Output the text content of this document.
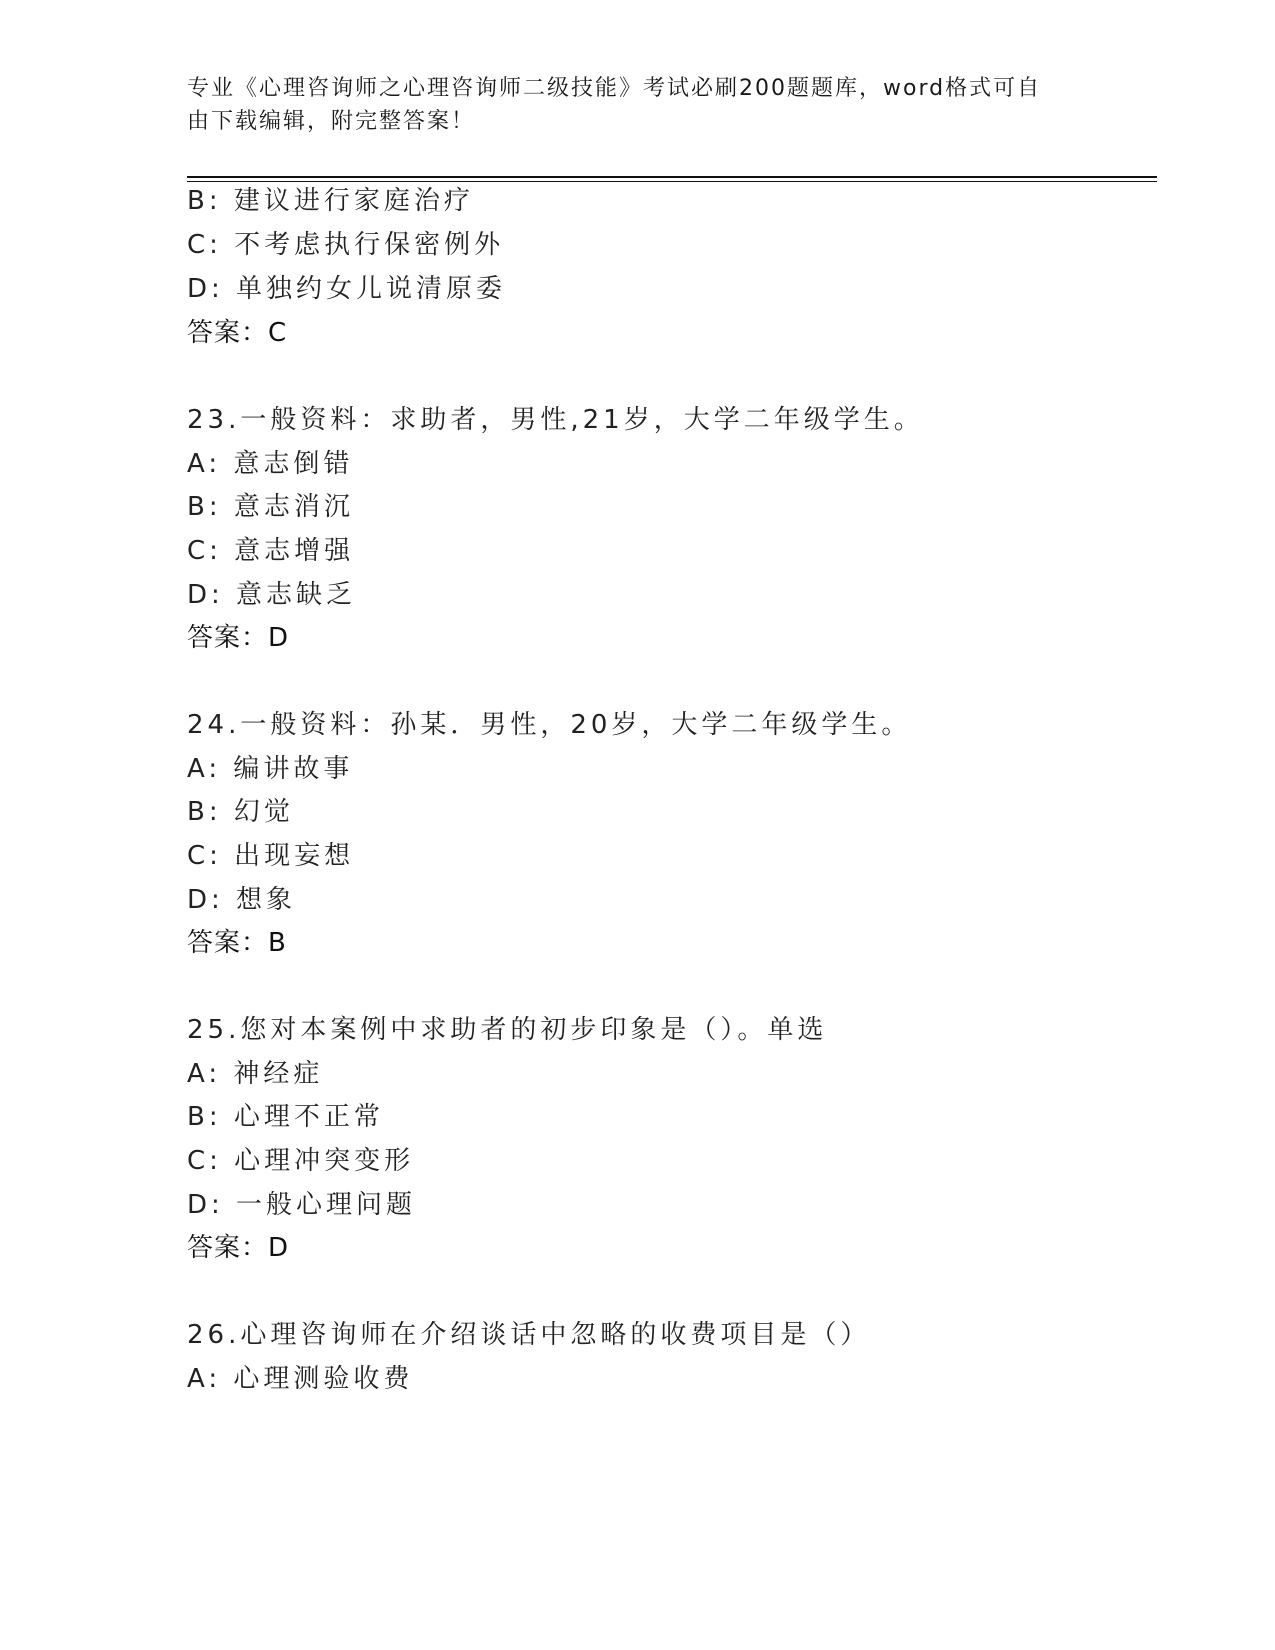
专业《心理咨询师之心理咨询师二级技能》考试必刷200题题库，word格式可自
由下载编辑，附完整答案！
B: 建议进行家庭治疗
C: 不考虑执行保密例外
D: 单独约女儿说清原委
答案：C
23.一般资料：求助者，男性,21岁，大学二年级学生。
A: 意志倒错
B: 意志消沉
C: 意志增强
D: 意志缺乏
答案：D
24.一般资料：孙某．男性，20岁，大学二年级学生。
A: 编讲故事
B: 幻觉
C: 出现妄想
D: 想象
答案：B
25.您对本案例中求助者的初步印象是（）。单选
A: 神经症
B: 心理不正常
C: 心理冲突变形
D: 一般心理问题
答案：D
26.心理咨询师在介绍谈话中忽略的收费项目是（）
A: 心理测验收费
